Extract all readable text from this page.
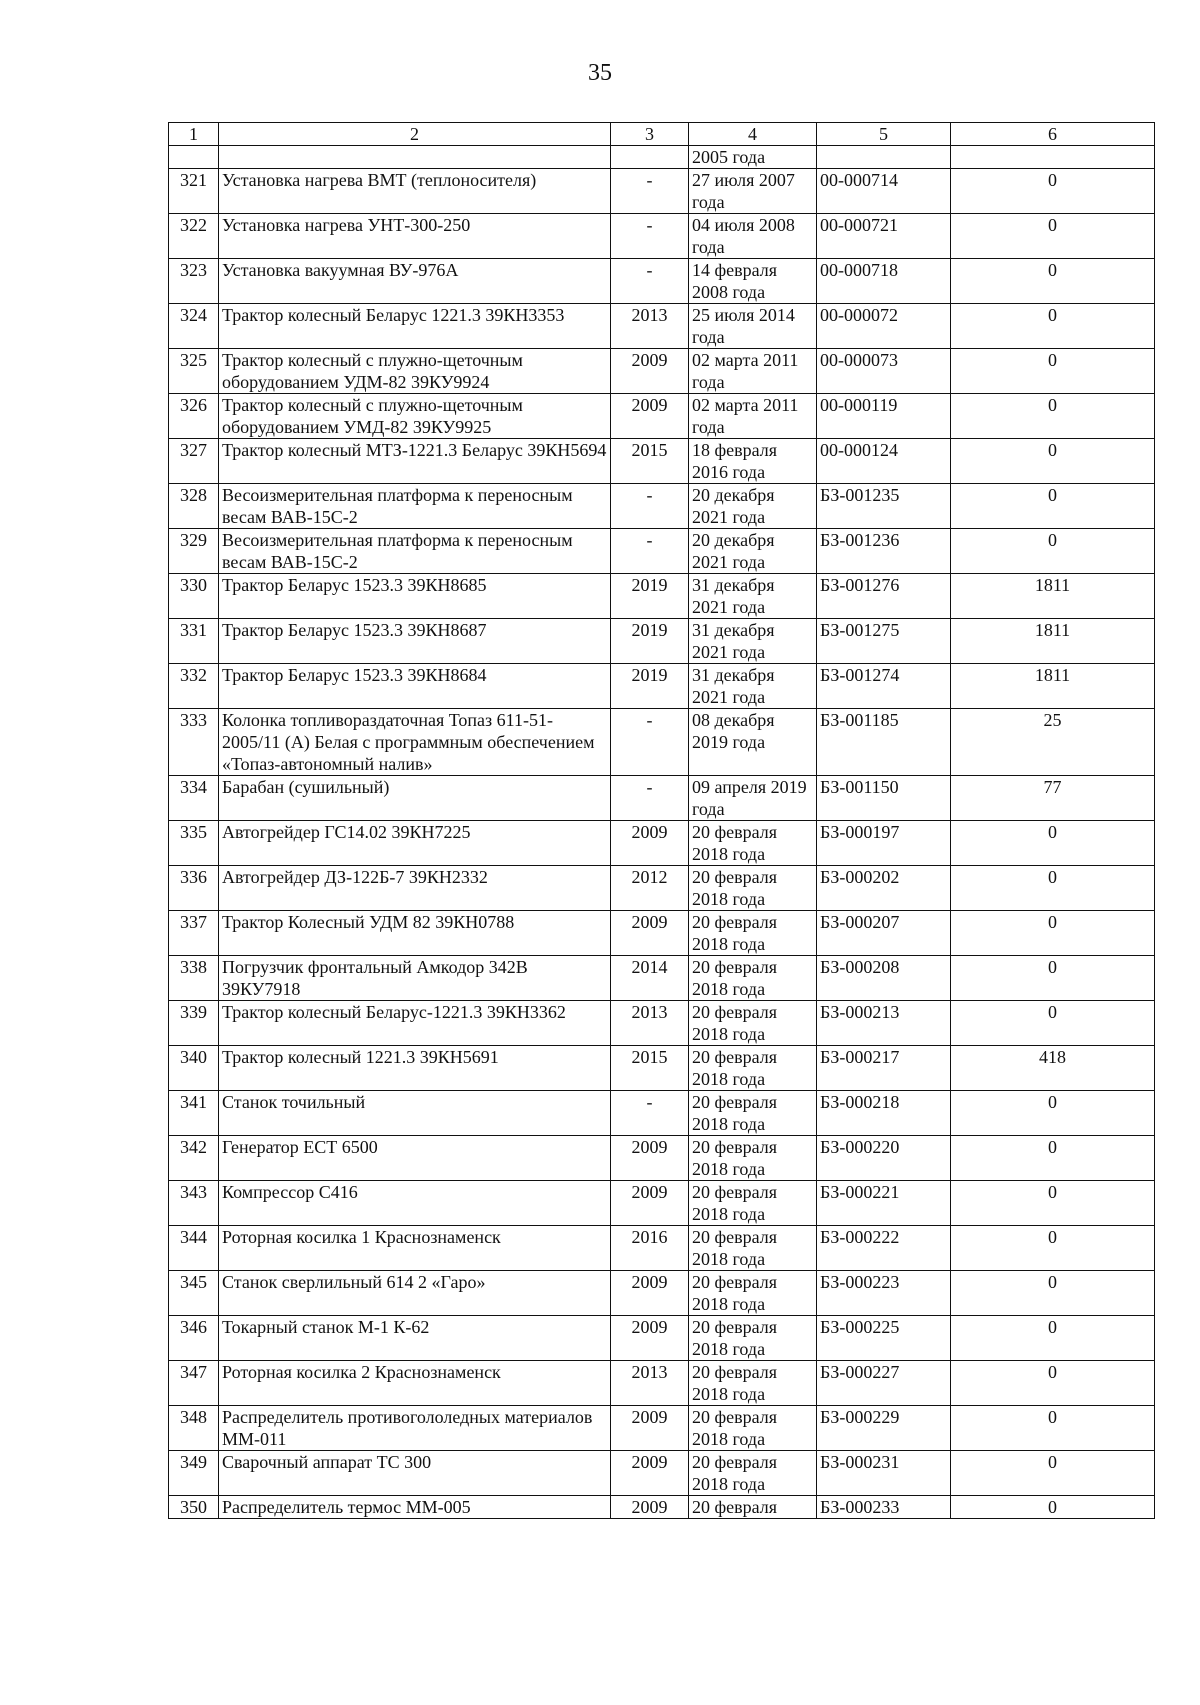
35
1	2	3	4	5	6
			2005 года		
321	Установка нагрева ВМТ (теплоносителя)	-	27 июля 2007 года	00-000714	0
322	Установка нагрева УНТ-300-250	-	04 июля 2008 года	00-000721	0
323	Установка вакуумная ВУ-976А	-	14 февраля 2008 года	00-000718	0
324	Трактор колесный Беларус 1221.3 39КН3353	2013	25 июля 2014 года	00-000072	0
325	Трактор колесный с плужно-щеточным оборудованием УДМ-82 39КУ9924	2009	02 марта 2011 года	00-000073	0
326	Трактор колесный с плужно-щеточным оборудованием УМД-82 39КУ9925	2009	02 марта 2011 года	00-000119	0
327	Трактор колесный МТЗ-1221.3 Беларус 39КН5694	2015	18 февраля 2016 года	00-000124	0
328	Весоизмерительная платформа к переносным весам ВАВ-15С-2	-	20 декабря 2021 года	БЗ-001235	0
329	Весоизмерительная платформа к переносным весам ВАВ-15С-2	-	20 декабря 2021 года	БЗ-001236	0
330	Трактор Беларус 1523.3 39КН8685	2019	31 декабря 2021 года	БЗ-001276	1811
331	Трактор Беларус 1523.3 39КН8687	2019	31 декабря 2021 года	БЗ-001275	1811
332	Трактор Беларус 1523.3 39КН8684	2019	31 декабря 2021 года	БЗ-001274	1811
333	Колонка топливораздаточная Топаз 611-51-2005/11 (А) Белая с программным обеспечением «Топаз-автономный налив»	-	08 декабря 2019 года	БЗ-001185	25
334	Барабан (сушильный)	-	09 апреля 2019 года	БЗ-001150	77
335	Автогрейдер ГС14.02 39КН7225	2009	20 февраля 2018 года	БЗ-000197	0
336	Автогрейдер ДЗ-122Б-7 39КН2332	2012	20 февраля 2018 года	БЗ-000202	0
337	Трактор Колесный УДМ 82 39КН0788	2009	20 февраля 2018 года	БЗ-000207	0
338	Погрузчик фронтальный Амкодор 342В 39КУ7918	2014	20 февраля 2018 года	БЗ-000208	0
339	Трактор колесный Беларус-1221.3 39КН3362	2013	20 февраля 2018 года	БЗ-000213	0
340	Трактор колесный 1221.3 39КН5691	2015	20 февраля 2018 года	БЗ-000217	418
341	Станок точильный	-	20 февраля 2018 года	БЗ-000218	0
342	Генератор ЕСТ 6500	2009	20 февраля 2018 года	БЗ-000220	0
343	Компрессор С416	2009	20 февраля 2018 года	БЗ-000221	0
344	Роторная косилка 1 Краснознаменск	2016	20 февраля 2018 года	БЗ-000222	0
345	Станок сверлильный 614 2 «Гаро»	2009	20 февраля 2018 года	БЗ-000223	0
346	Токарный станок М-1 К-62	2009	20 февраля 2018 года	БЗ-000225	0
347	Роторная косилка 2 Краснознаменск	2013	20 февраля 2018 года	БЗ-000227	0
348	Распределитель противогололедных материалов ММ-011	2009	20 февраля 2018 года	БЗ-000229	0
349	Сварочный аппарат ТС 300	2009	20 февраля 2018 года	БЗ-000231	0
350	Распределитель термос ММ-005	2009	20 февраля	БЗ-000233	0
